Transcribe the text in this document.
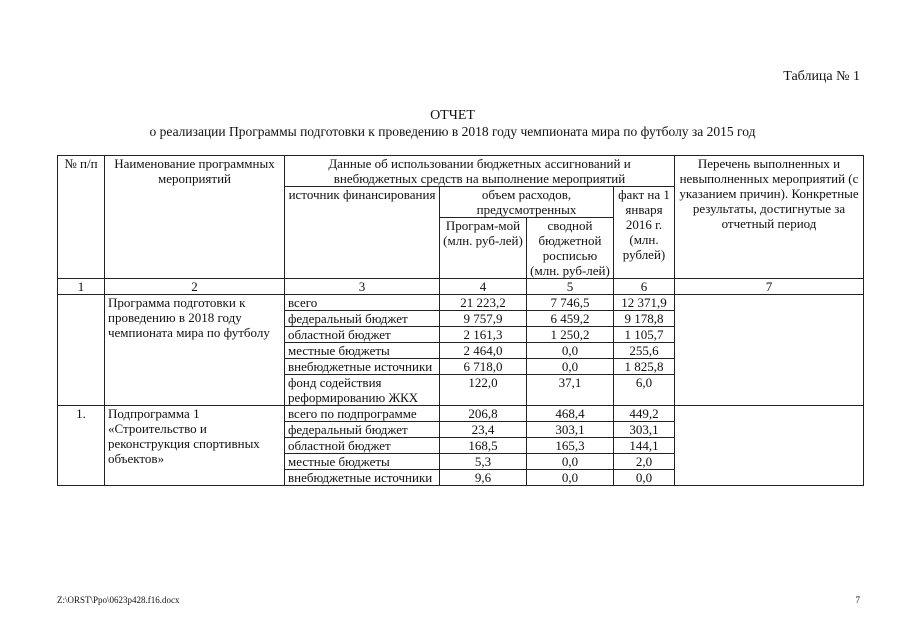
Таблица № 1
ОТЧЕТ
о реализации Программы подготовки к проведению в 2018 году чемпионата мира по футболу за 2015 год
№ п/п	Наименование программных мероприятий	Данные об использовании бюджетных ассигнований и внебюджетных средств на выполнение мероприятий				Перечень выполненных и невыполненных мероприятий (с указанием причин). Конкретные результаты, достигнутые за отчетный период
		источник финансирования	объем расходов, предусмотренных		факт на 1 января 2016 г. (млн. рублей)	
			Програм-мой (млн. руб-лей)	сводной бюджетной росписью (млн. руб-лей)		
1	2	3	4	5	6	7
	Программа подготовки к проведению в 2018 году чемпионата мира по футболу	всего	21 223,2	7 746,5	12 371,9	
		федеральный бюджет	9 757,9	6 459,2	9 178,8	
		областной бюджет	2 161,3	1 250,2	1 105,7	
		местные бюджеты	2 464,0	0,0	255,6	
		внебюджетные источники	6 718,0	0,0	1 825,8	
		фонд содействия реформированию ЖКХ	122,0	37,1	6,0	
1.	Подпрограмма 1 «Строительство и реконструкция спортивных объектов»	всего по подпрограмме	206,8	468,4	449,2	
		федеральный бюджет	23,4	303,1	303,1	
		областной бюджет	168,5	165,3	144,1	
		местные бюджеты	5,3	0,0	2,0	
		внебюджетные источники	9,6	0,0	0,0	
Z:\ORST\Ppo\0623p428.f16.docx	7
